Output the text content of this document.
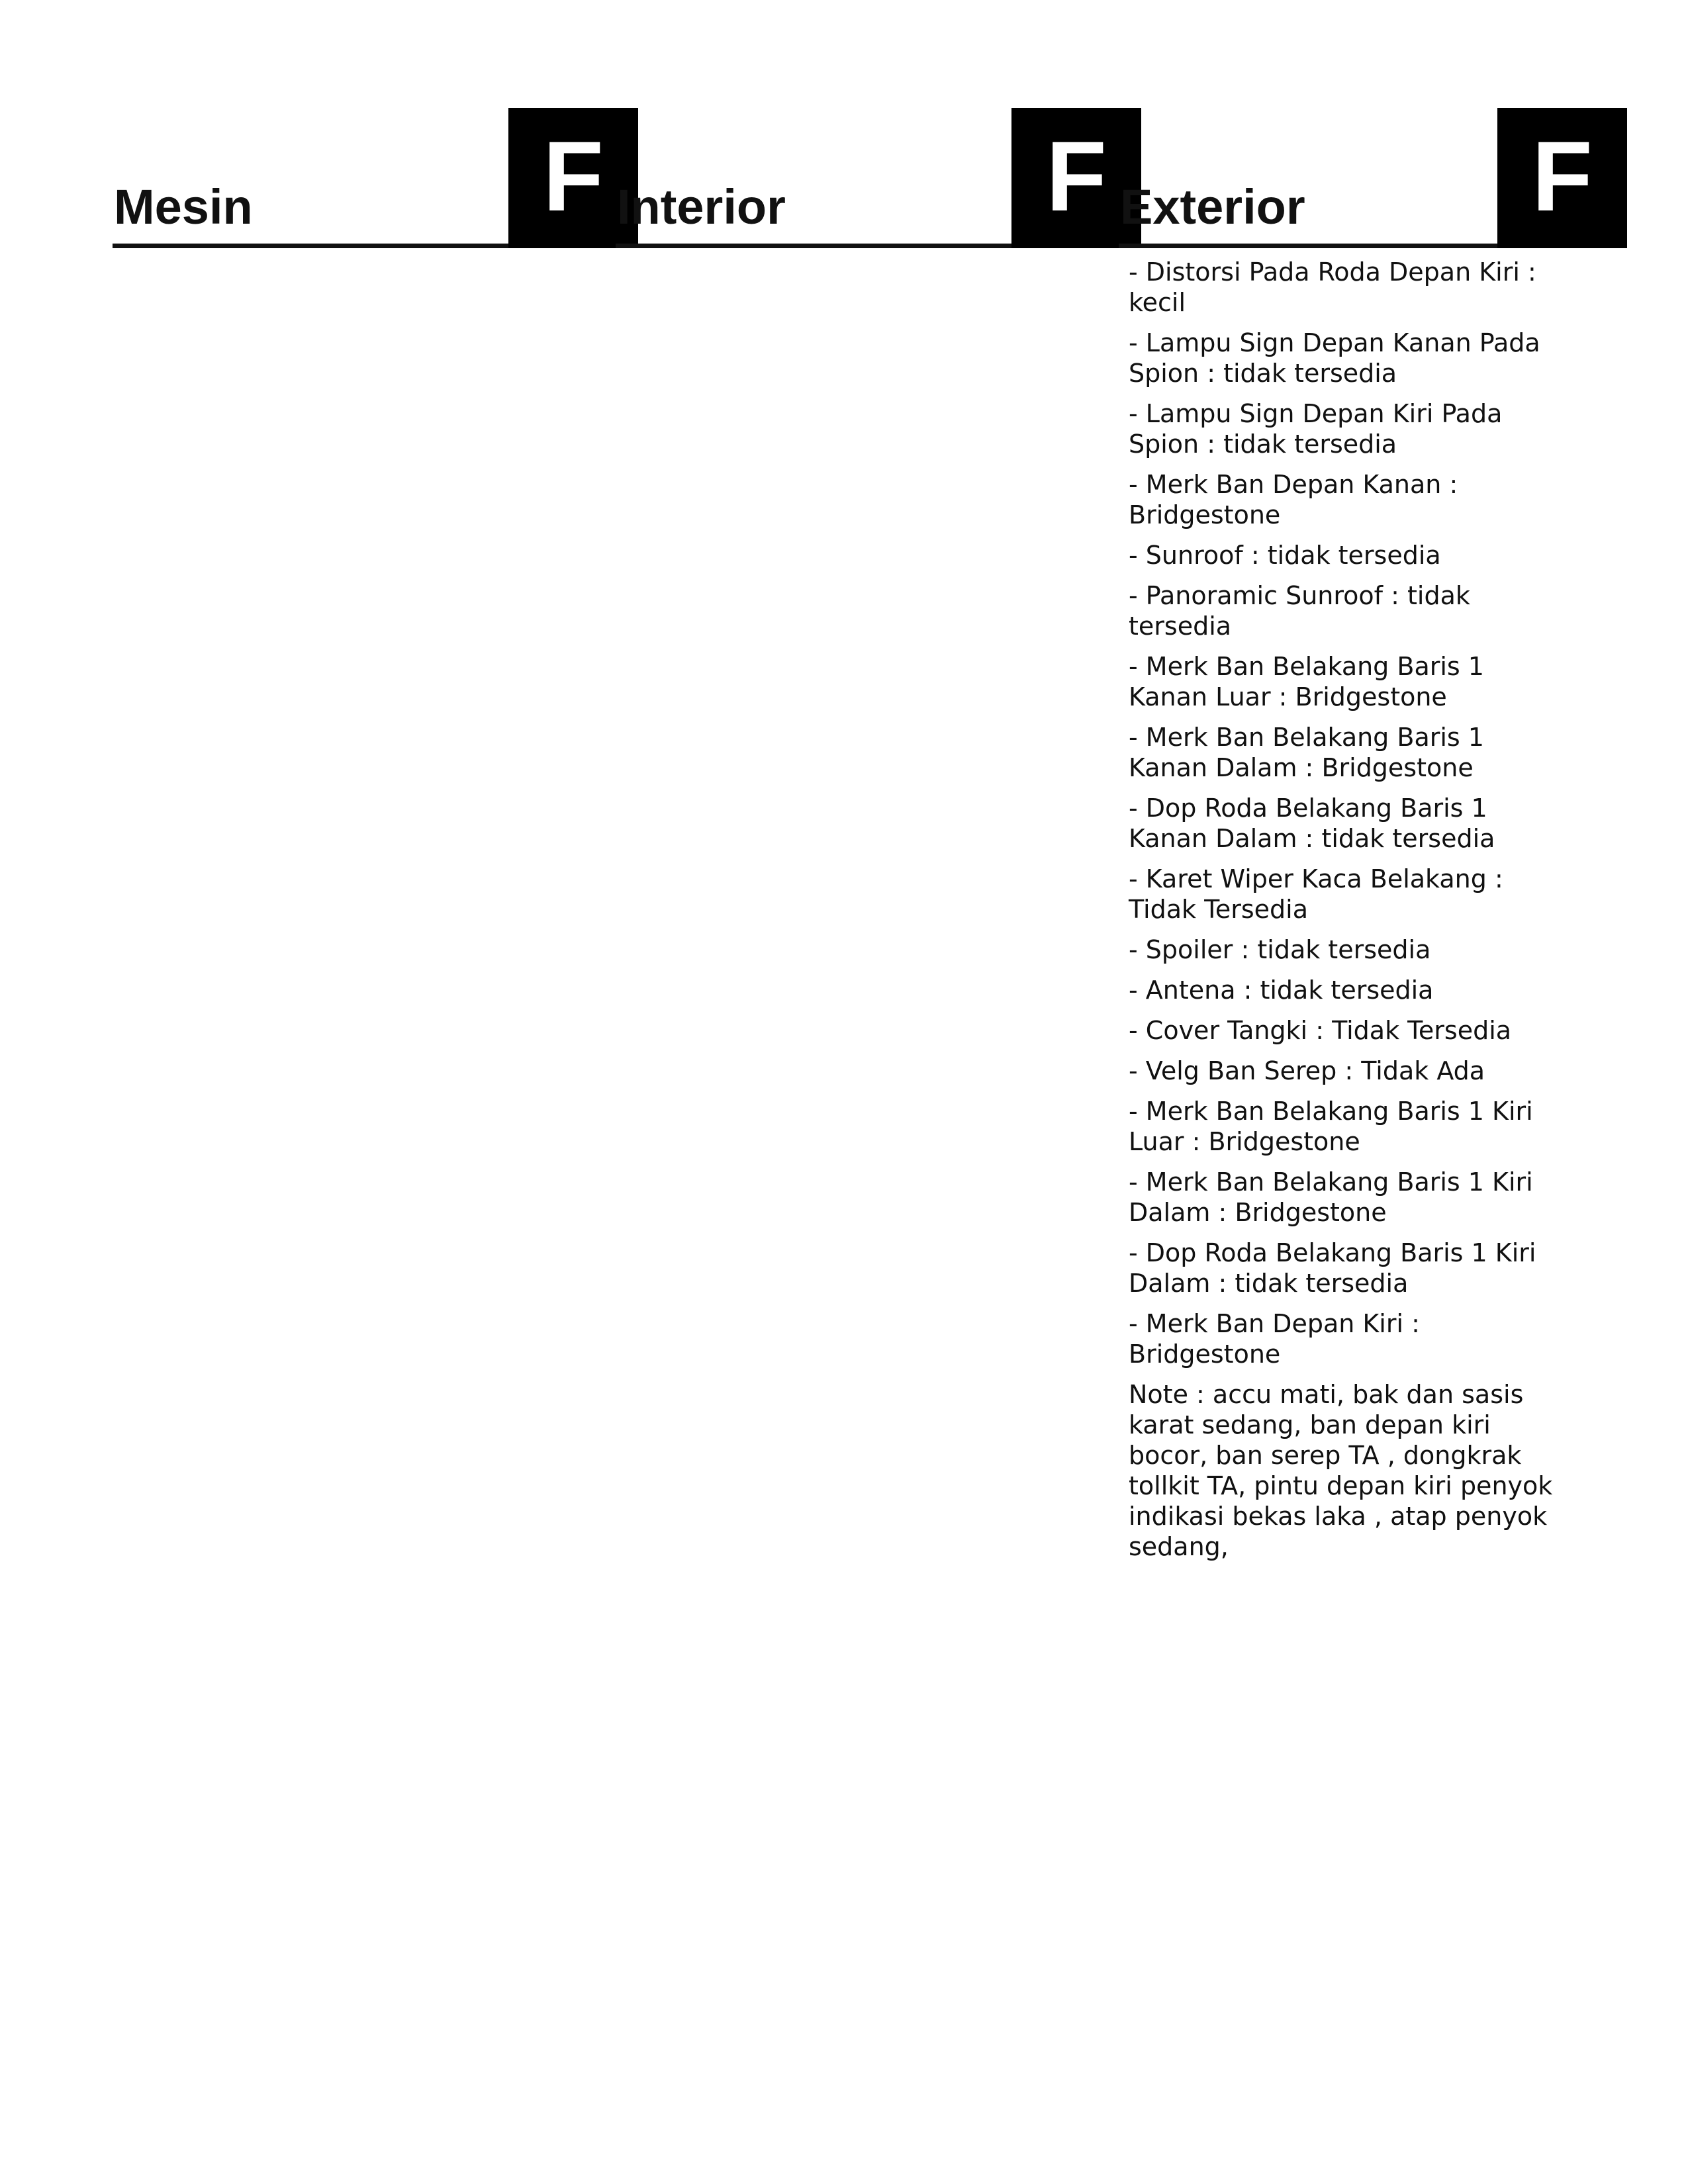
Mesin	F Interior	F Exterior F
- Distorsi Pada Roda Depan Kiri : kecil
- Lampu Sign Depan Kanan Pada Spion : tidak tersedia
- Lampu Sign Depan Kiri Pada Spion : tidak tersedia
- Merk Ban Depan Kanan : Bridgestone
- Sunroof : tidak tersedia
- Panoramic Sunroof : tidak tersedia
- Merk Ban Belakang Baris 1 Kanan Luar : Bridgestone
- Merk Ban Belakang Baris 1 Kanan Dalam : Bridgestone
- Dop Roda Belakang Baris 1 Kanan Dalam : tidak tersedia
- Karet Wiper Kaca Belakang : Tidak Tersedia
- Spoiler : tidak tersedia
- Antena : tidak tersedia
- Cover Tangki : Tidak Tersedia
- Velg Ban Serep : Tidak Ada
- Merk Ban Belakang Baris 1 Kiri Luar : Bridgestone
- Merk Ban Belakang Baris 1 Kiri Dalam : Bridgestone
- Dop Roda Belakang Baris 1 Kiri Dalam : tidak tersedia
- Merk Ban Depan Kiri : Bridgestone
Note : accu mati, bak dan sasis karat sedang, ban depan kiri bocor, ban serep TA , dongkrak tollkit TA, pintu depan kiri penyok indikasi bekas laka , atap penyok sedang,
